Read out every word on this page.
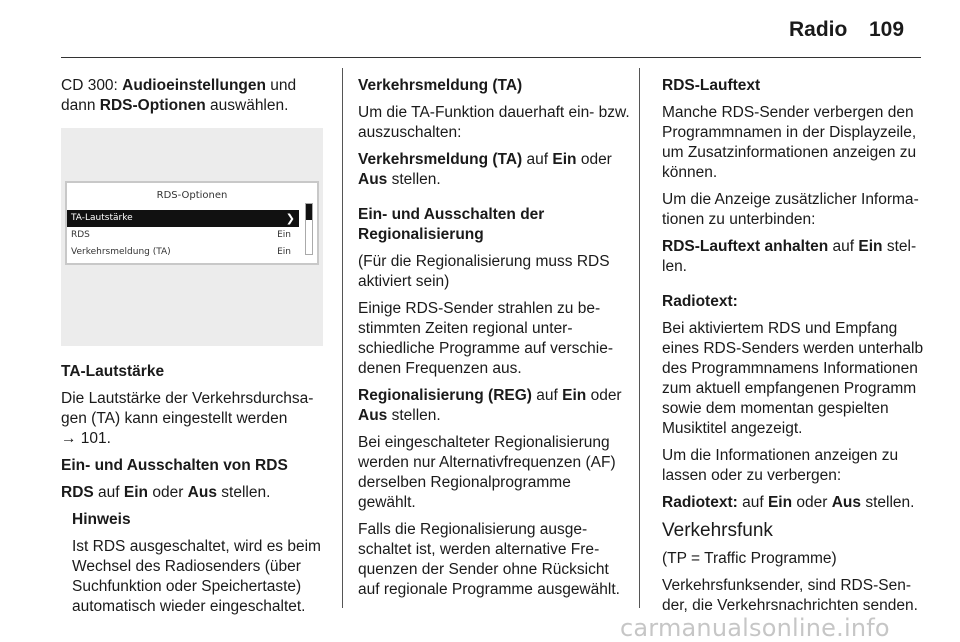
Radio 109

CD 300: Audioeinstellungen und dann RDS-Optionen auswählen.

RDS-Optionen
TA-Lautstärke	❯
RDS	Ein
Verkehrsmeldung (TA)	Ein

TA-Lautstärke

Die Lautstärke der Verkehrsdurchsagen (TA) kann eingestellt werden

→ 101.

Ein- und Ausschalten von RDS

RDS auf Ein oder Aus stellen.

Hinweis

Ist RDS ausgeschaltet, wird es beim Wechsel des Radiosenders (über Suchfunktion oder Speichertaste) automatisch wieder eingeschaltet.

Verkehrsmeldung (TA)

Um die TA-Funktion dauerhaft ein- bzw. auszuschalten:

Verkehrsmeldung (TA) auf Ein oder Aus stellen.

Ein- und Ausschalten der Regionalisierung

(Für die Regionalisierung muss RDS aktiviert sein)

Einige RDS-Sender strahlen zu bestimmten Zeiten regional unterschiedliche Programme auf verschiedenen Frequenzen aus.

Regionalisierung (REG) auf Ein oder Aus stellen.

Bei eingeschalteter Regionalisierung werden nur Alternativfrequenzen (AF) derselben Regionalprogramme gewählt.

Falls die Regionalisierung ausgeschaltet ist, werden alternative Frequenzen der Sender ohne Rücksicht auf regionale Programme ausgewählt.

RDS-Lauftext

Manche RDS-Sender verbergen den Programmnamen in der Displayzeile, um Zusatzinformationen anzeigen zu können.

Um die Anzeige zusätzlicher Informationen zu unterbinden:

RDS-Lauftext anhalten auf Ein stellen.

Radiotext:

Bei aktiviertem RDS und Empfang eines RDS-Senders werden unterhalb des Programmnamens Informationen zum aktuell empfangenen Programm sowie dem momentan gespielten Musiktitel angezeigt.

Um die Informationen anzeigen zu lassen oder zu verbergen:

Radiotext: auf Ein oder Aus stellen.

Verkehrsfunk

(TP = Traffic Programme)

Verkehrsfunksender, sind RDS-Sender, die Verkehrsnachrichten senden.

carmanualsonline.info
